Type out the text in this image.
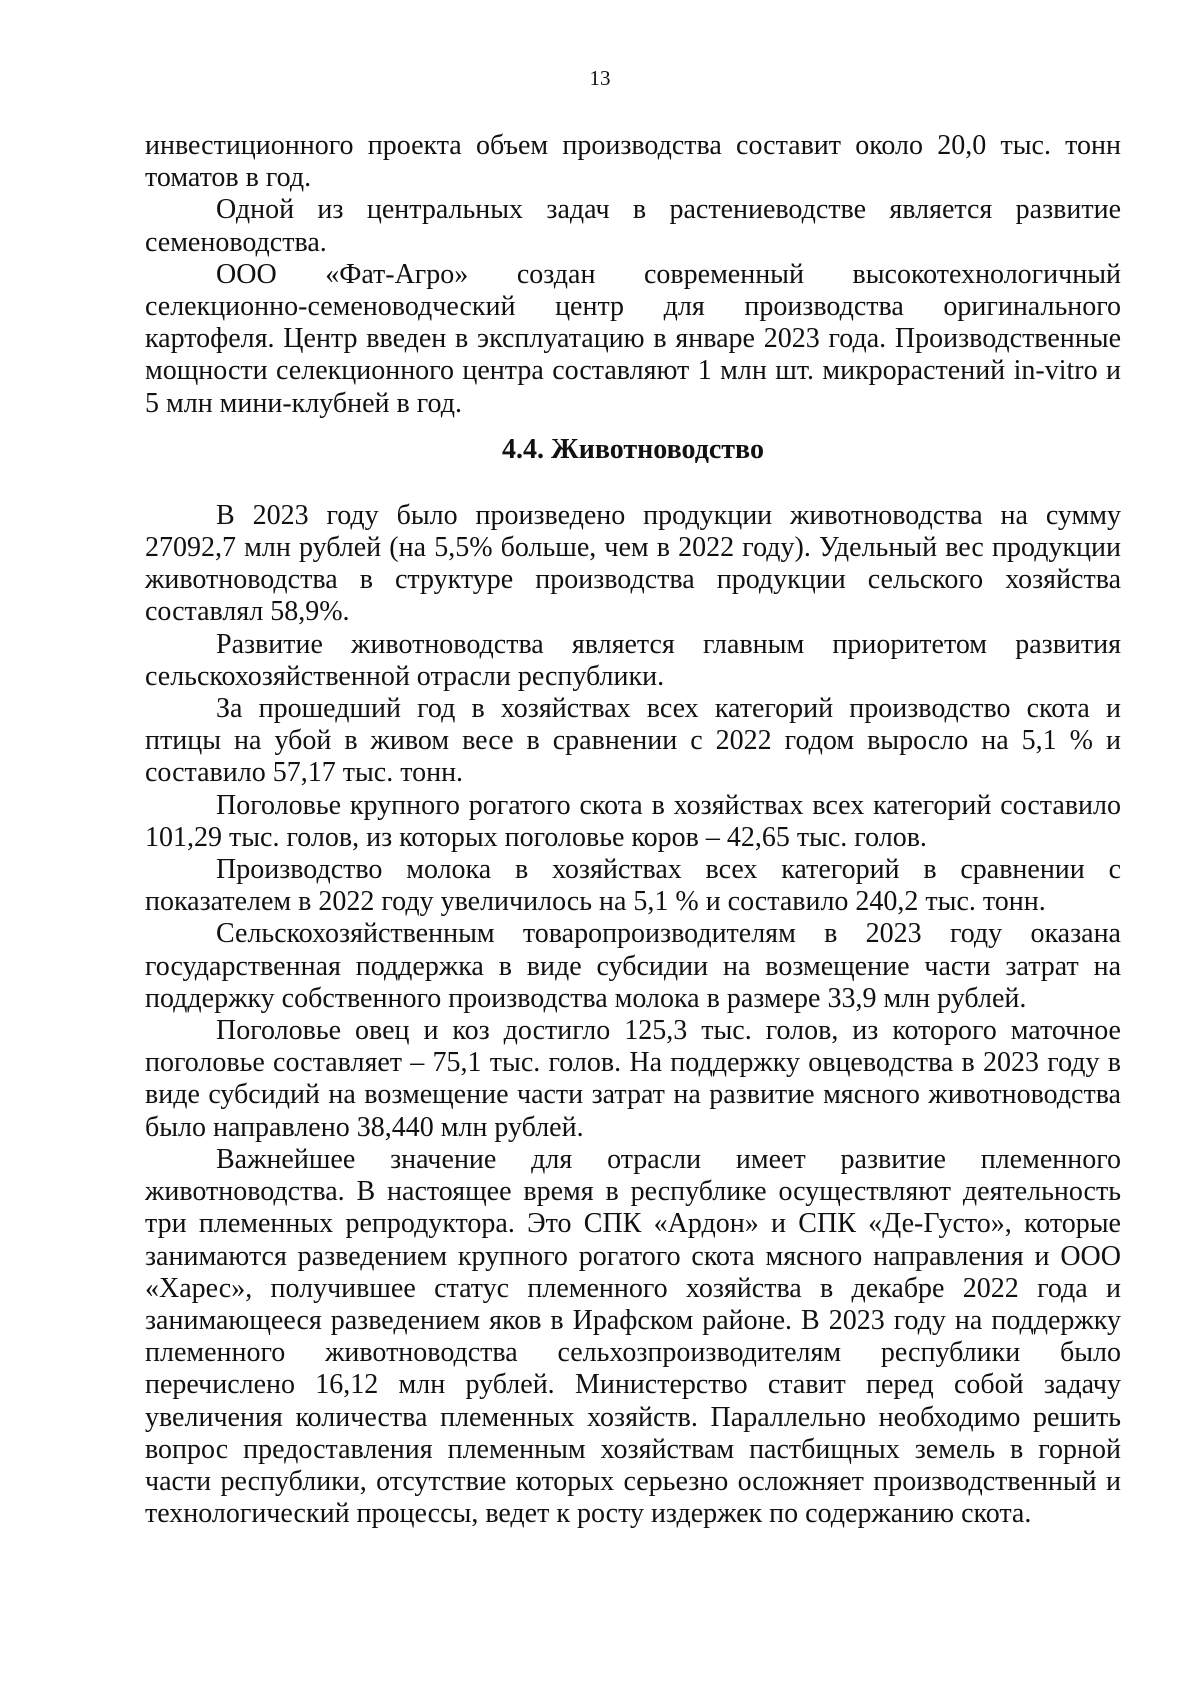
13

инвестиционного проекта объем производства составит около 20,0 тыс. тонн томатов в год.

Одной из центральных задач в растениеводстве является развитие семеноводства.

ООО «Фат-Агро» создан современный высокотехнологичный селекционно-семеноводческий центр для производства оригинального картофеля. Центр введен в эксплуатацию в январе 2023 года. Производственные мощности селекционного центра составляют 1 млн шт. микрорастений in-vitro и 5 млн мини-клубней в год.

4.4. Животноводство

В 2023 году было произведено продукции животноводства на сумму 27092,7 млн рублей (на 5,5% больше, чем в 2022 году). Удельный вес продукции животноводства в структуре производства продукции сельского хозяйства составлял 58,9%.

Развитие животноводства является главным приоритетом развития сельскохозяйственной отрасли республики.

За прошедший год в хозяйствах всех категорий производство скота и птицы на убой в живом весе в сравнении с 2022 годом выросло на 5,1 % и составило 57,17 тыс. тонн.

Поголовье крупного рогатого скота в хозяйствах всех категорий составило 101,29 тыс. голов, из которых поголовье коров – 42,65 тыс. голов.

Производство молока в хозяйствах всех категорий в сравнении с показателем в 2022 году увеличилось на 5,1 % и составило 240,2 тыс. тонн.

Сельскохозяйственным товаропроизводителям в 2023 году оказана государственная поддержка в виде субсидии на возмещение части затрат на поддержку собственного производства молока в размере 33,9 млн рублей.

Поголовье овец и коз достигло 125,3 тыс. голов, из которого маточное поголовье составляет – 75,1 тыс. голов. На поддержку овцеводства в 2023 году в виде субсидий на возмещение части затрат на развитие мясного животноводства было направлено 38,440 млн рублей.

Важнейшее значение для отрасли имеет развитие племенного животноводства. В настоящее время в республике осуществляют деятельность три племенных репродуктора. Это СПК «Ардон» и СПК «Де-Густо», которые занимаются разведением крупного рогатого скота мясного направления и ООО «Харес», получившее статус племенного хозяйства в декабре 2022 года и занимающееся разведением яков в Ирафском районе. В 2023 году на поддержку племенного животноводства сельхозпроизводителям республики было перечислено 16,12 млн рублей. Министерство ставит перед собой задачу увеличения количества племенных хозяйств. Параллельно необходимо решить вопрос предоставления племенным хозяйствам пастбищных земель в горной части республики, отсутствие которых серьезно осложняет производственный и технологический процессы, ведет к росту издержек по содержанию скота.
